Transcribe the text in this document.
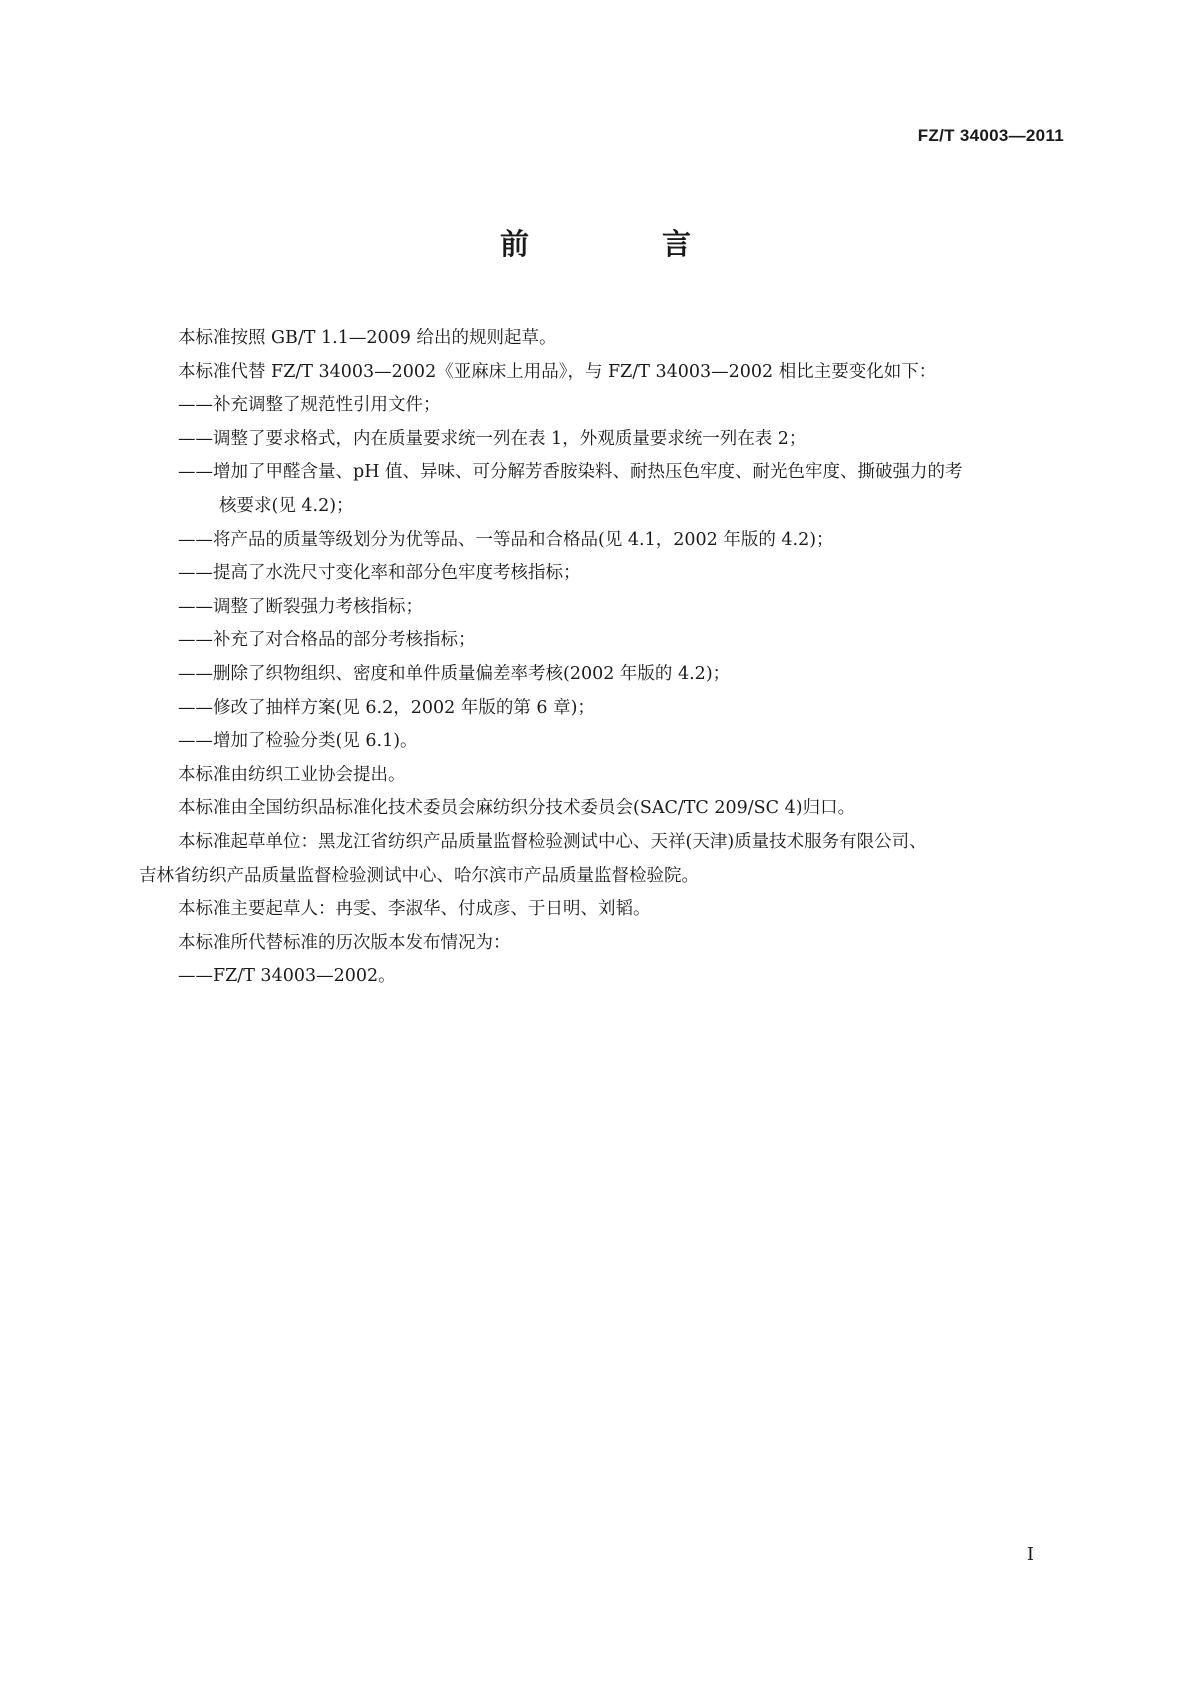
FZ/T 34003—2011
前　言

本标准按照 GB/T 1.1—2009 给出的规则起草。

本标准代替 FZ/T 34003—2002《亚麻床上用品》，与 FZ/T 34003—2002 相比主要变化如下：

——补充调整了规范性引用文件；

——调整了要求格式，内在质量要求统一列在表 1，外观质量要求统一列在表 2；

——增加了甲醛含量、pH 值、异味、可分解芳香胺染料、耐热压色牢度、耐光色牢度、撕破强力的考

核要求(见 4.2)；

——将产品的质量等级划分为优等品、一等品和合格品(见 4.1，2002 年版的 4.2)；

——提高了水洗尺寸变化率和部分色牢度考核指标；

——调整了断裂强力考核指标；

——补充了对合格品的部分考核指标；

——删除了织物组织、密度和单件质量偏差率考核(2002 年版的 4.2)；

——修改了抽样方案(见 6.2，2002 年版的第 6 章)；

——增加了检验分类(见 6.1)。

本标准由纺织工业协会提出。

本标准由全国纺织品标准化技术委员会麻纺织分技术委员会(SAC/TC 209/SC 4)归口。

本标准起草单位：黑龙江省纺织产品质量监督检验测试中心、天祥(天津)质量技术服务有限公司、

吉林省纺织产品质量监督检验测试中心、哈尔滨市产品质量监督检验院。

本标准主要起草人：冉雯、李淑华、付成彦、于日明、刘韬。

本标准所代替标准的历次版本发布情况为：

——FZ/T 34003—2002。

I
